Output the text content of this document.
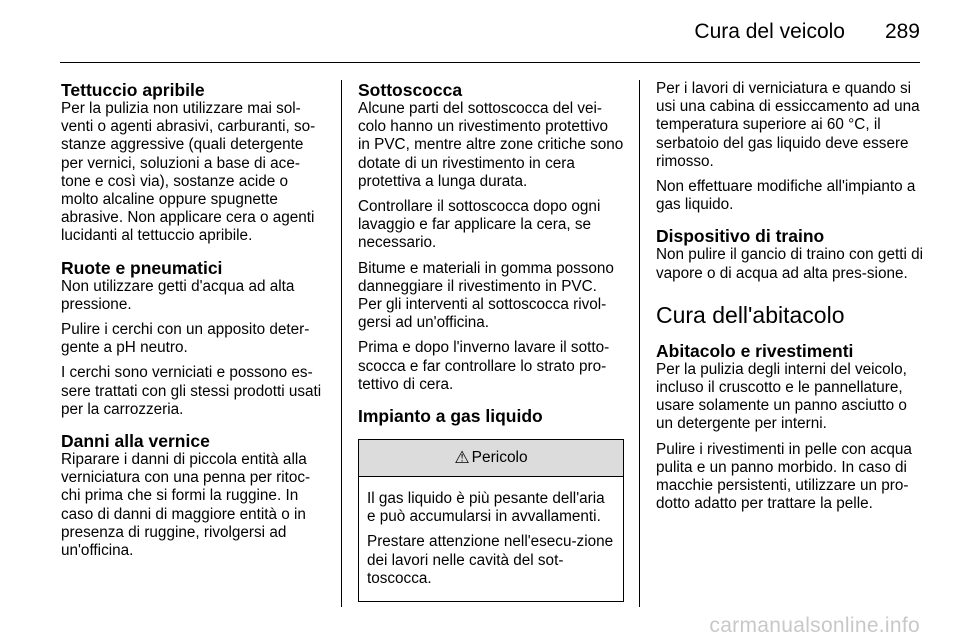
Cura del veicolo 289
Tettuccio apribile

Per la pulizia non utilizzare mai sol-venti o agenti abrasivi, carburanti, so-stanze aggressive (quali detergente per vernici, soluzioni a base di ace-tone e così via), sostanze acide o molto alcaline oppure spugnette abrasive. Non applicare cera o agenti lucidanti al tettuccio apribile.

Ruote e pneumatici

Non utilizzare getti d'acqua ad alta pressione.

Pulire i cerchi con un apposito deter-gente a pH neutro.

I cerchi sono verniciati e possono es-sere trattati con gli stessi prodotti usati per la carrozzeria.

Danni alla vernice

Riparare i danni di piccola entità alla verniciatura con una penna per ritoc-chi prima che si formi la ruggine. In caso di danni di maggiore entità o in presenza di ruggine, rivolgersi ad un'officina.

Sottoscocca

Alcune parti del sottoscocca del vei-colo hanno un rivestimento protettivo in PVC, mentre altre zone critiche sono dotate di un rivestimento in cera protettiva a lunga durata.

Controllare il sottoscocca dopo ogni lavaggio e far applicare la cera, se necessario.

Bitume e materiali in gomma possono danneggiare il rivestimento in PVC. Per gli interventi al sottoscocca rivol-gersi ad un'officina.

Prima e dopo l'inverno lavare il sotto-scocca e far controllare lo strato pro-tettivo di cera.

Impianto a gas liquido
⚠ Pericolo

Il gas liquido è più pesante dell'aria e può accumularsi in avvallamenti.

Prestare attenzione nell'esecu-zione dei lavori nelle cavità del sot-toscocca.

Per i lavori di verniciatura e quando si usi una cabina di essiccamento ad una temperatura superiore ai 60 °C, il serbatoio del gas liquido deve essere rimosso.

Non effettuare modifiche all'impianto a gas liquido.

Dispositivo di traino

Non pulire il gancio di traino con getti di vapore o di acqua ad alta pres-sione.

Cura dell'abitacolo
Abitacolo e rivestimenti

Per la pulizia degli interni del veicolo, incluso il cruscotto e le pannellature, usare solamente un panno asciutto o un detergente per interni.

Pulire i rivestimenti in pelle con acqua pulita e un panno morbido. In caso di macchie persistenti, utilizzare un pro-dotto adatto per trattare la pelle.

carmanualsonline.info
